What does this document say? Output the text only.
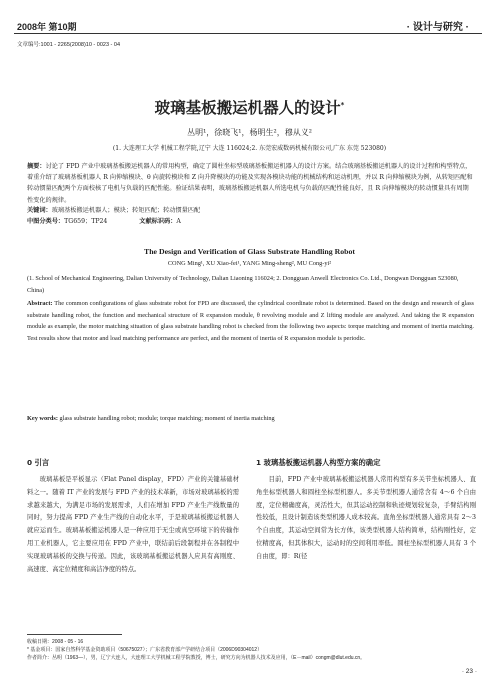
2008年 第10期	· 设计与研究 ·
文章编号:1001 - 2265(2008)10 - 0023 - 04
玻璃基板搬运机器人的设计*
丛明¹，徐晓飞¹，杨明生²，穆从义²
(1. 大连理工大学 机械工程学院,辽宁 大连 116024;2. 东莞宏威数码机械有限公司,广东 东莞 523080)
摘要：讨论了 FPD 产业中玻璃基板搬运机器人的常用构型，确定了圆柱坐标型玻璃基板搬运机器人的设计方案。结合玻璃基板搬运机器人的设计过程和构型特点，着重介绍了玻璃基板机器人 R 向伸缩模块、θ 向旋转模块和 Z 向升降模块的功能及实现各模块功能的机械结构和运动机理，并以 R 向伸缩模块为例，从转矩匹配和转动惯量匹配两个方面校核了电机与负载的匹配性能。验证结果表明，玻璃基板搬运机器人所选电机与负载的匹配性能良好，且 R 向伸缩模块的转动惯量具有周期性变化的规律。
关键词：玻璃基板搬运机器人；模块；转矩匹配；转动惯量匹配
中图分类号：TG659；TP24	文献标识码：A
The Design and Verification of Glass Substrate Handling Robot
CONG Ming¹, XU Xiao-fei¹, YANG Ming-sheng², MU Cong-yi²
(1. School of Mechanical Engineering, Dalian University of Technology, Dalian Liaoning 116024; 2. Dongguan Anwell Electronics Co. Ltd., Dongwan Dongguan 523080, China)
Abstract: The common configurations of glass substrate robot for FPD are discussed, the cylindrical coordinate robot is determined. Based on the design and research of glass substrate handling robot, the function and mechanical structure of R expansion module, θ revolving module and Z lifting module are analyzed. And taking the R expansion module as example, the motor matching situation of glass substrate handling robot is checked from the following two aspects: torque matching and moment of inertia matching. Test results show that motor and load matching performance are perfect, and the moment of inertia of R expansion module is periodic.
Key words: glass substrate handling robot; module; torque matching; moment of inertia matching
0 引言

玻璃基板是平板显示（Flat Panel display，FPD）产业的关键基础材料之一。随着 IT 产业的发展与 FPD 产业的技术革新，市场对玻璃基板的需求越来越大，为满足市场的发展需求，人们在增加 FPD 产业生产线数量的同时，努力提高 FPD 产业生产线的自动化水平，于是玻璃基板搬运机器人就应运而生。玻璃基板搬运机器人是一种应用于无尘或真空环境下的传输作用工业机器人，它主要应用在 FPD 产业中，联结前后段制程并在各制程中实现玻璃基板的交换与传递。因此，该玻璃基板搬运机器人应具有高刚度、高速度、高定位精度和高洁净度的特点。

1 玻璃基板搬运机器人构型方案的确定

目前，FPD 产业中玻璃基板搬运机器人常用构型有多关节坐标机器人、直角坐标型机器人和圆柱坐标型机器人。多关节型机器人通常含有 4～6 个自由度，定位精确度高，灵活性大，但其运动控制和轨迹规划较复杂，手臂结构刚性较低，且设计制造该类型机器人成本较高。直角坐标型机器人通常具有 2～3 个自由度，其运动空间常为长方体，该类型机器人结构简单，结构刚性好，定位精度高，但其体积大，运动时的空间利用率低。圆柱坐标型机器人具有 3 个自由度，即：R(径

收稿日期：2008 - 05 - 16
* 基金项目：国家自然科学基金资助项目（50675027）；广东省教育部产学研结合项目（2006D90304012）
作者简介：丛明（1963—），男，辽宁大连人，大连理工大学机械工程学院教授，博士，研究方向为机器人技术及应用，（E－mail）congm@dlut.edu.cn。
· 23 ·
